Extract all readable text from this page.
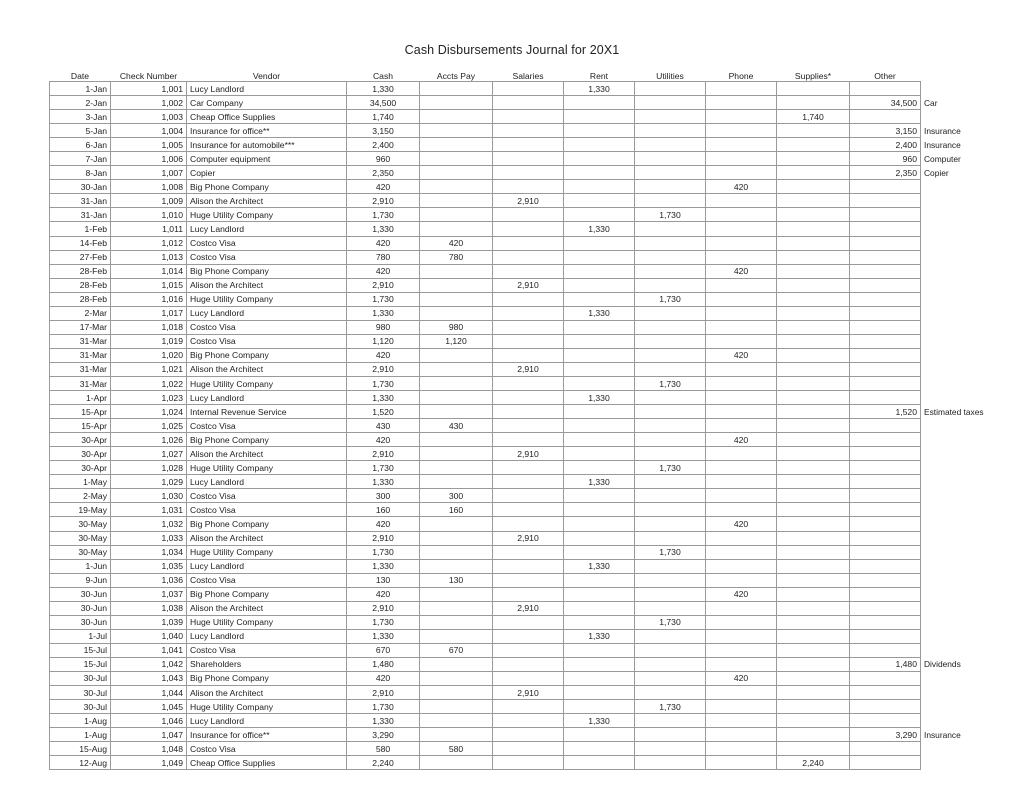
Cash Disbursements Journal for 20X1
Date	Check Number	Vendor	Cash	Accts Pay	Salaries	Rent	Utilities	Phone	Supplies*	Other	
1-Jan	1,001	Lucy Landlord	1,330			1,330					
2-Jan	1,002	Car Company	34,500							34,500	Car
3-Jan	1,003	Cheap Office Supplies	1,740						1,740		
5-Jan	1,004	Insurance for office**	3,150							3,150	Insurance
6-Jan	1,005	Insurance for automobile***	2,400							2,400	Insurance
7-Jan	1,006	Computer equipment	960							960	Computer
8-Jan	1,007	Copier	2,350							2,350	Copier
30-Jan	1,008	Big Phone Company	420					420			
31-Jan	1,009	Alison the Architect	2,910		2,910						
31-Jan	1,010	Huge Utility Company	1,730				1,730				
1-Feb	1,011	Lucy Landlord	1,330			1,330					
14-Feb	1,012	Costco Visa	420	420							
27-Feb	1,013	Costco Visa	780	780							
28-Feb	1,014	Big Phone Company	420					420			
28-Feb	1,015	Alison the Architect	2,910		2,910						
28-Feb	1,016	Huge Utility Company	1,730				1,730				
2-Mar	1,017	Lucy Landlord	1,330			1,330					
17-Mar	1,018	Costco Visa	980	980							
31-Mar	1,019	Costco Visa	1,120	1,120							
31-Mar	1,020	Big Phone Company	420					420			
31-Mar	1,021	Alison the Architect	2,910		2,910						
31-Mar	1,022	Huge Utility Company	1,730				1,730				
1-Apr	1,023	Lucy Landlord	1,330			1,330					
15-Apr	1,024	Internal Revenue Service	1,520							1,520	Estimated taxes
15-Apr	1,025	Costco Visa	430	430							
30-Apr	1,026	Big Phone Company	420					420			
30-Apr	1,027	Alison the Architect	2,910		2,910						
30-Apr	1,028	Huge Utility Company	1,730				1,730				
1-May	1,029	Lucy Landlord	1,330			1,330					
2-May	1,030	Costco Visa	300	300							
19-May	1,031	Costco Visa	160	160							
30-May	1,032	Big Phone Company	420					420			
30-May	1,033	Alison the Architect	2,910		2,910						
30-May	1,034	Huge Utility Company	1,730				1,730				
1-Jun	1,035	Lucy Landlord	1,330			1,330					
9-Jun	1,036	Costco Visa	130	130							
30-Jun	1,037	Big Phone Company	420					420			
30-Jun	1,038	Alison the Architect	2,910		2,910						
30-Jun	1,039	Huge Utility Company	1,730				1,730				
1-Jul	1,040	Lucy Landlord	1,330			1,330					
15-Jul	1,041	Costco Visa	670	670							
15-Jul	1,042	Shareholders	1,480							1,480	Dividends
30-Jul	1,043	Big Phone Company	420					420			
30-Jul	1,044	Alison the Architect	2,910		2,910						
30-Jul	1,045	Huge Utility Company	1,730				1,730				
1-Aug	1,046	Lucy Landlord	1,330			1,330					
1-Aug	1,047	Insurance for office**	3,290							3,290	Insurance
15-Aug	1,048	Costco Visa	580	580							
12-Aug	1,049	Cheap Office Supplies	2,240						2,240		
